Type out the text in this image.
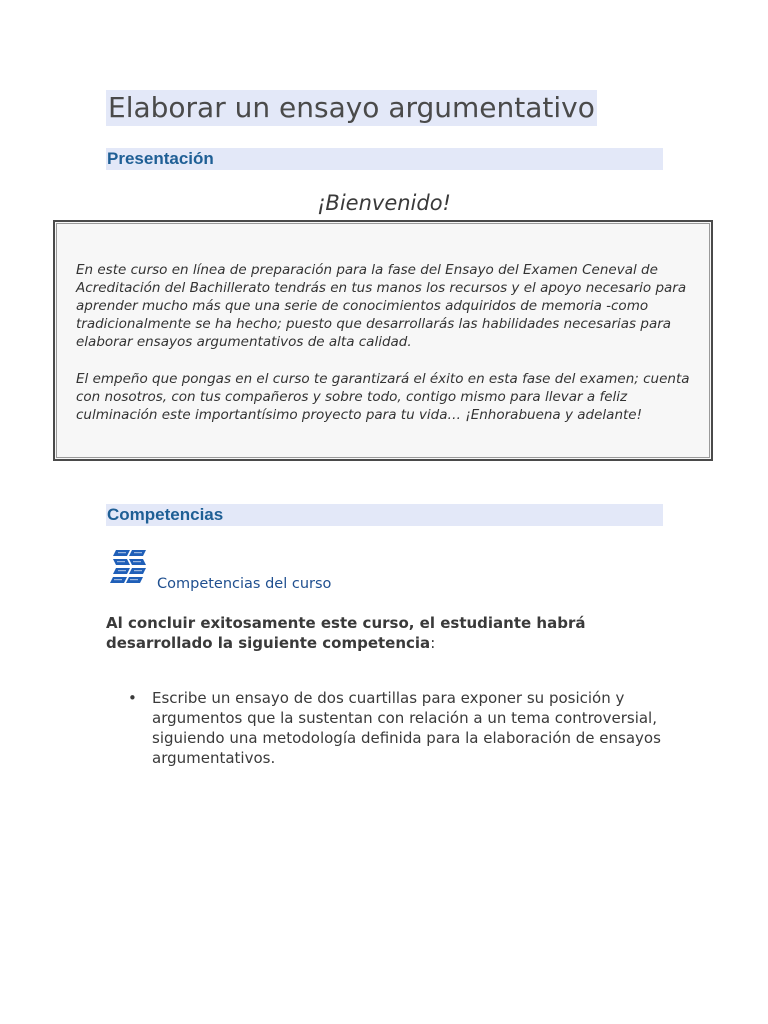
Elaborar un ensayo argumentativo
Presentación
¡Bienvenido!

En este curso en línea de preparación para la fase del Ensayo del Examen Ceneval de Acreditación del Bachillerato tendrás en tus manos los recursos y el apoyo necesario para aprender mucho más que una serie de conocimientos adquiridos de memoria -como tradicionalmente se ha hecho; puesto que desarrollarás las habilidades necesarias para elaborar ensayos argumentativos de alta calidad.

El empeño que pongas en el curso te garantizará el éxito en esta fase del examen; cuenta con nosotros, con tus compañeros y sobre todo, contigo mismo para llevar a feliz culminación este importantísimo proyecto para tu vida… ¡Enhorabuena y adelante!

Competencias
Competencias del curso

Al concluir exitosamente este curso, el estudiante habrá desarrollado la siguiente competencia:

• Escribe un ensayo de dos cuartillas para exponer su posición y argumentos que la sustentan con relación a un tema controversial, siguiendo una metodología definida para la elaboración de ensayos argumentativos.
